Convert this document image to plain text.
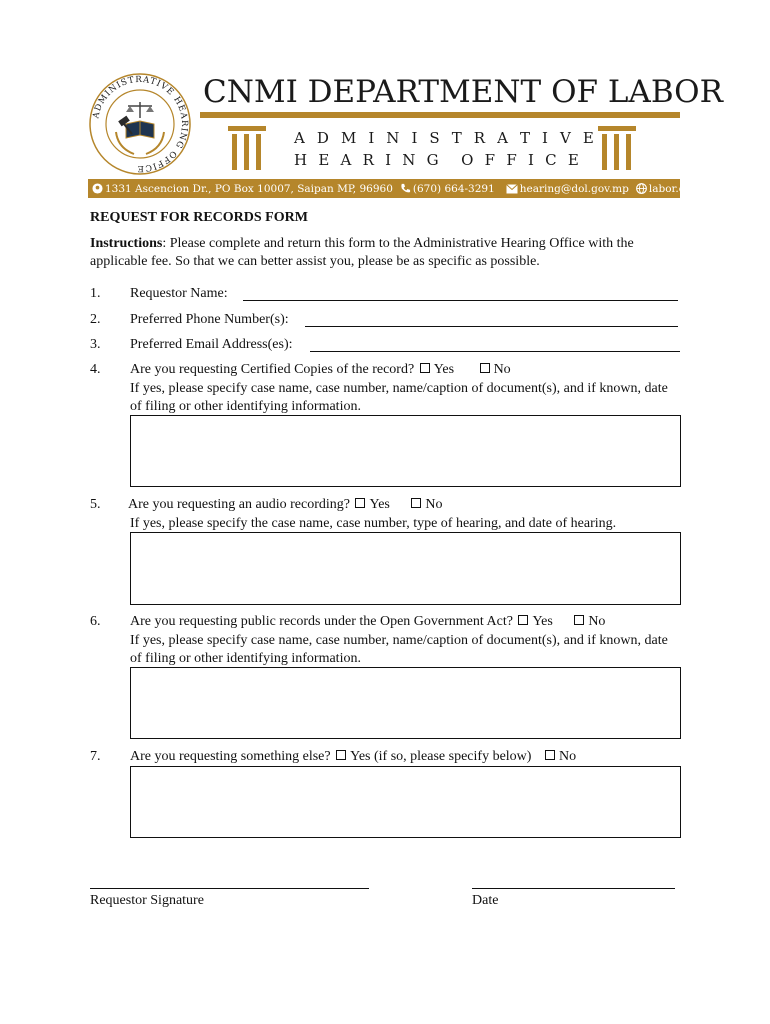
ADMINISTRATIVE HEARING OFFICE
CNMI DEPARTMENT OF LABOR
A D M I N I S T R A T I V E
H E A R I N G O F F I C E
1331 Ascencion Dr., PO Box 10007, Saipan MP, 96960 (670) 664-3291 hearing@dol.gov.mp labor.cnmi.gov
REQUEST FOR RECORDS FORM
Instructions: Please complete and return this form to the Administrative Hearing Office with the applicable fee. So that we can better assist you, please be as specific as possible.
1. Requestor Name:
2. Preferred Phone Number(s):
3. Preferred Email Address(es):
4. Are you requesting Certified Copies of the record? Yes	No
If yes, please specify case name, case number, name/caption of document(s), and if known, date of filing or other identifying information.
5. Are you requesting an audio recording? Yes	No
If yes, please specify the case name, case number, type of hearing, and date of hearing.
6. Are you requesting public records under the Open Government Act? Yes	No
If yes, please specify case name, case number, name/caption of document(s), and if known, date of filing or other identifying information.
7. Are you requesting something else? Yes (if so, please specify below) No
Requestor Signature	Date
